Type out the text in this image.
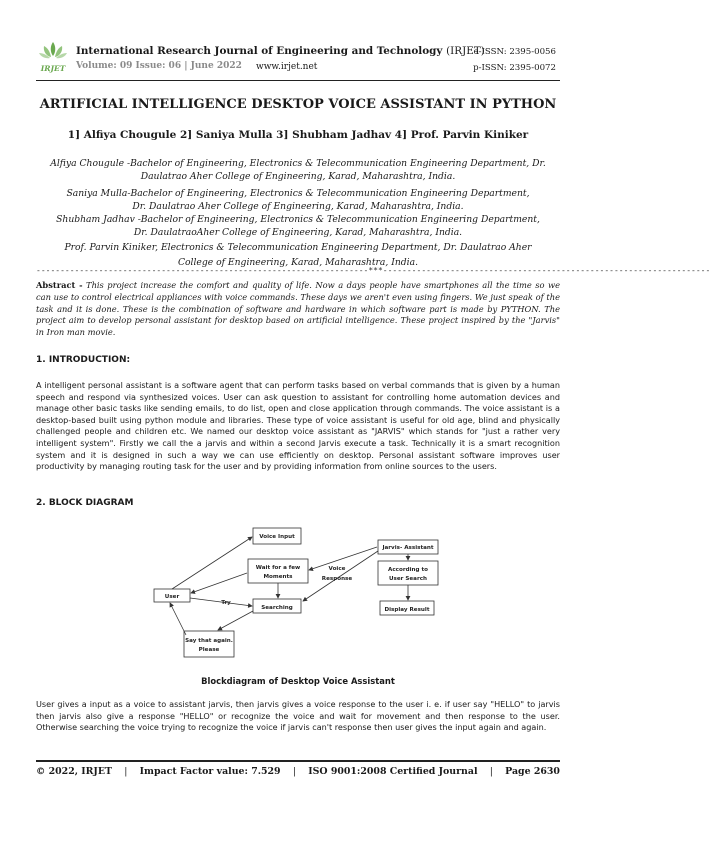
IRJET
International Research Journal of Engineering and Technology (IRJET)
Volume: 09 Issue: 06 | June 2022 www.irjet.net
e-ISSN: 2395-0056
p-ISSN: 2395-0072
ARTIFICIAL INTELLIGENCE DESKTOP VOICE ASSISTANT IN PYTHON
1] Alfiya Chougule 2] Saniya Mulla 3] Shubham Jadhav 4] Prof. Parvin Kiniker
Alfiya Chougule -Bachelor of Engineering, Electronics & Telecommunication Engineering Department, Dr.
Daulatrao Aher College of Engineering, Karad, Maharashtra, India.
Saniya Mulla-Bachelor of Engineering, Electronics & Telecommunication Engineering Department,
Dr. Daulatrao Aher College of Engineering, Karad, Maharashtra, India.
Shubham Jadhav -Bachelor of Engineering, Electronics & Telecommunication Engineering Department,
Dr. DaulatraoAher College of Engineering, Karad, Maharashtra, India.
Prof. Parvin Kiniker, Electronics & Telecommunication Engineering Department, Dr. Daulatrao Aher
College of Engineering, Karad, Maharashtra, India.
---------------------------------------------------------------------***--------------------------------------------------------------------
Abstract - This project increase the comfort and quality of life. Now a days people have smartphones all the time so we can use to control electrical appliances with voice commands. These days we aren't even using fingers. We just speak of the task and it is done. These is the combination of software and hardware in which software part is made by PYTHON. The project aim to develop personal assistant for desktop based on artificial intelligence. These project inspired by the "Jarvis" in Iron man movie.
1. INTRODUCTION:
A intelligent personal assistant is a software agent that can perform tasks based on verbal commands that is given by a human speech and respond via synthesized voices. User can ask question to assistant for controlling home automation devices and manage other basic tasks like sending emails, to do list, open and close application through commands. The voice assistant is a desktop-based built using python module and libraries. These type of voice assistant is useful for old age, blind and physically challenged people and children etc. We named our desktop voice assistant as "JARVIS" which stands for "just a rather very intelligent system". Firstly we call the a jarvis and within a second Jarvis execute a task. Technically it is a smart recognition system and it is designed in such a way we can use efficiently on desktop. Personal assistant software improves user productivity by managing routing task for the user and by providing information from online sources to the users.
2. BLOCK DIAGRAM
Voice Input
Jarvis- Assistant
Wait for a few
Moments
Voice
Response
According to
User Search
User
Try
Searching	Display Result
Say that again.
Please
Blockdiagram of Desktop Voice Assistant
User gives a input as a voice to assistant jarvis, then jarvis gives a voice response to the user i. e. if user say "HELLO" to jarvis then jarvis also give a response "HELLO" or recognize the voice and wait for movement and then response to the user. Otherwise searching the voice trying to recognize the voice if jarvis can't response then user gives the input again and again.
© 2022, IRJET | Impact Factor value: 7.529 | ISO 9001:2008 Certified Journal | Page 2630
